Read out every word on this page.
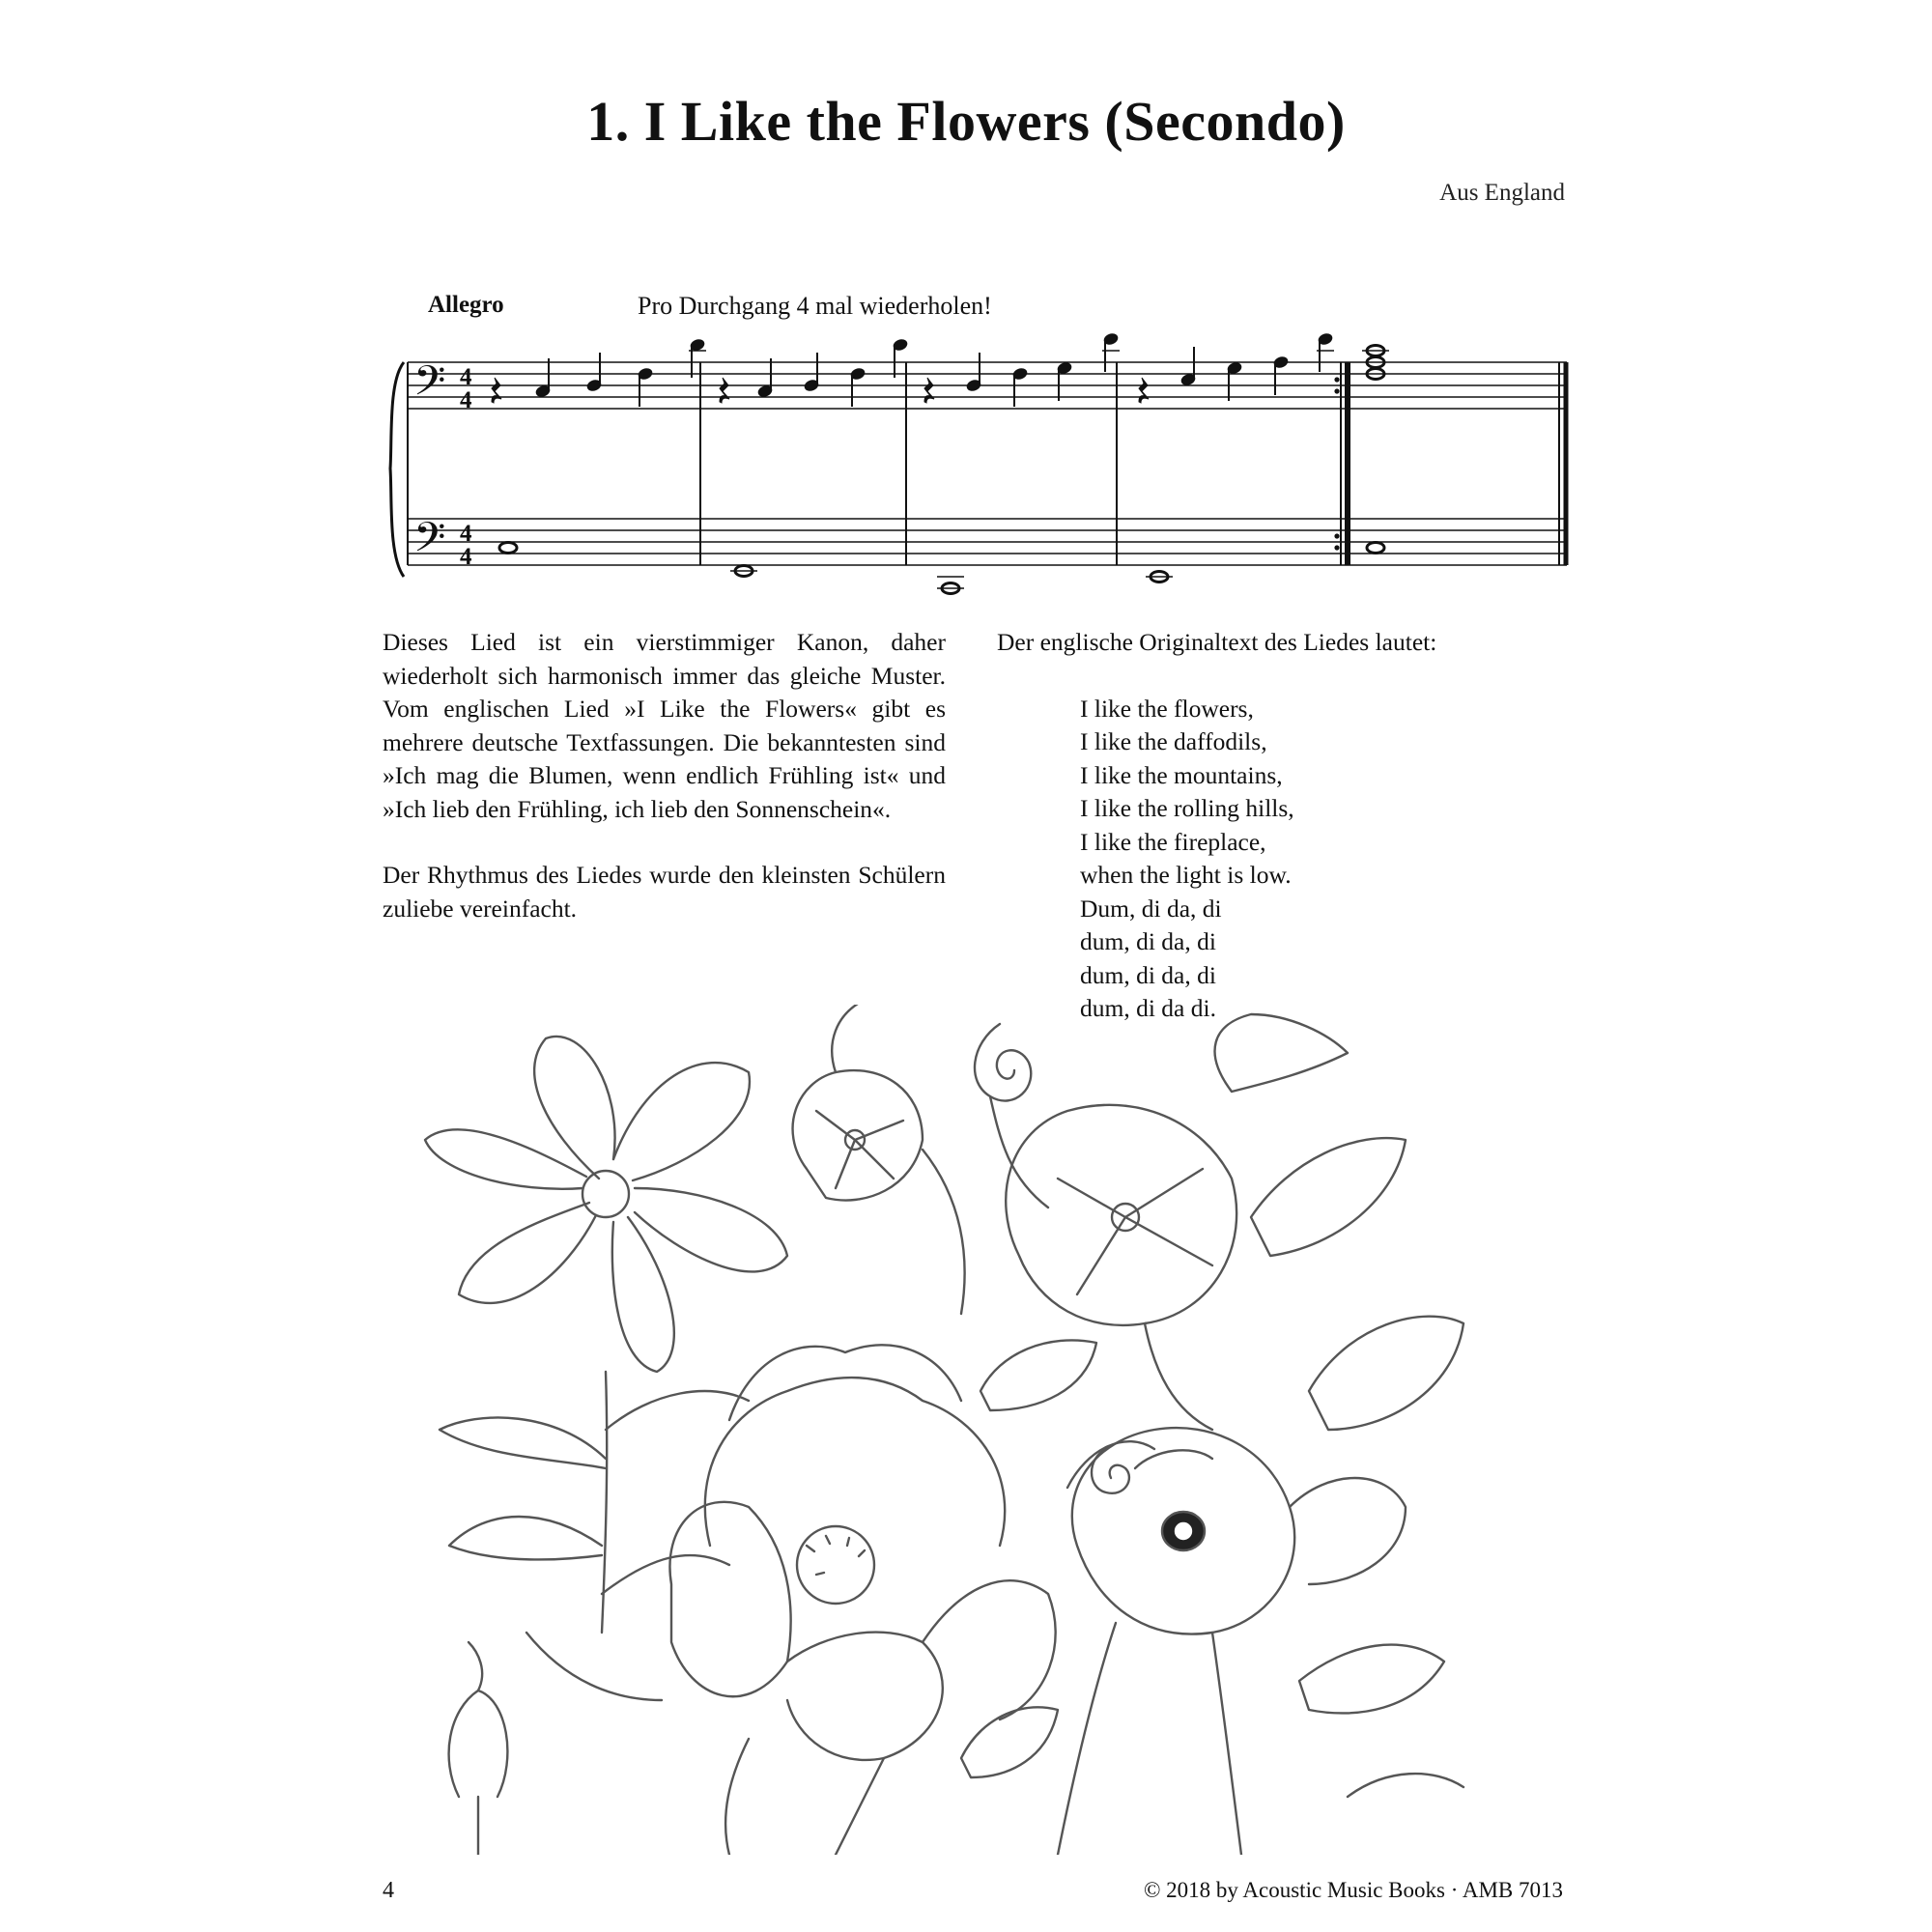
1. I Like the Flowers (Secondo)
Aus England
Allegro	Pro Durchgang 4 mal wiederholen!
𝄢
𝄢
4
4
4
4

Dieses Lied ist ein vierstimmiger Kanon, daher wiederholt sich harmonisch immer das gleiche Muster. Vom englischen Lied »I Like the Flowers« gibt es mehrere deutsche Textfassungen. Die bekanntesten sind »Ich mag die Blumen, wenn endlich Frühling ist« und »Ich lieb den Frühling, ich lieb den Sonnenschein«.

Der Rhythmus des Liedes wurde den kleinsten Schülern zuliebe vereinfacht.

Der englische Originaltext des Liedes lautet:

I like the flowers,
I like the daffodils,
I like the mountains,
I like the rolling hills,
I like the fireplace,
when the light is low.
Dum, di da, di
dum, di da, di
dum, di da, di
dum, di da di.
4	© 2018 by Acoustic Music Books · AMB 7013
